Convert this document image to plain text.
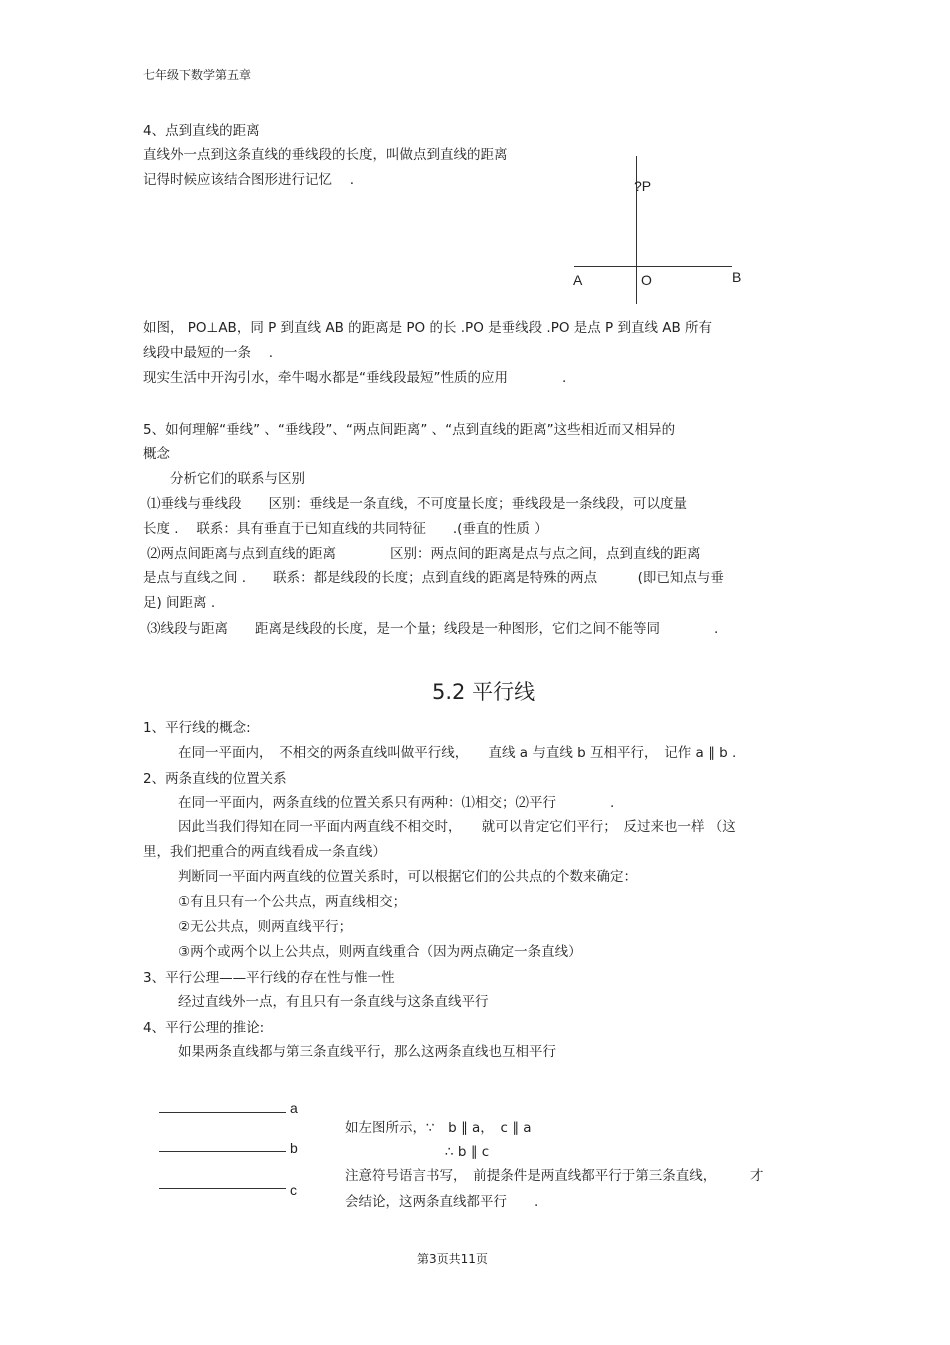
七年级下数学第五章
4、点到直线的距离
直线外一点到这条直线的垂线段的长度，叫做点到直线的距离
记得时候应该结合图形进行记忆　 .	?P
A	O	B
如图， PO⊥AB，同 P 到直线 AB 的距离是 PO 的长 .PO 是垂线段 .PO 是点 P 到直线 AB 所有
线段中最短的一条　 .
现实生活中开沟引水，牵牛喝水都是“垂线段最短”性质的应用　　　　.
5、如何理解“垂线” 、“垂线段”、“两点间距离” 、“点到直线的距离”这些相近而又相异的
概念
分析它们的联系与区别
⑴垂线与垂线段　　区别：垂线是一条直线，不可度量长度；垂线段是一条线段，可以度量
长度 .　 联系：具有垂直于已知直线的共同特征　　.(垂直的性质 ）
⑵两点间距离与点到直线的距离　　　　区别：两点间的距离是点与点之间，点到直线的距离
是点与直线之间 .　　联系：都是线段的长度；点到直线的距离是特殊的两点　　　(即已知点与垂
足) 间距离 .
⑶线段与距离　　距离是线段的长度，是一个量；线段是一种图形，它们之间不能等同　　　　.
5.2 平行线
1、平行线的概念:
在同一平面内，　不相交的两条直线叫做平行线，　　直线 a 与直线 b 互相平行，　记作 a ∥ b .
2、两条直线的位置关系
在同一平面内，两条直线的位置关系只有两种：⑴相交；⑵平行　　　　.
因此当我们得知在同一平面内两直线不相交时，　　就可以肯定它们平行；　反过来也一样 （这
里，我们把重合的两直线看成一条直线）
判断同一平面内两直线的位置关系时，可以根据它们的公共点的个数来确定：
①有且只有一个公共点，两直线相交；
②无公共点，则两直线平行；
③两个或两个以上公共点，则两直线重合（因为两点确定一条直线）
3、平行公理——平行线的存在性与惟一性
经过直线外一点，有且只有一条直线与这条直线平行
4、平行公理的推论:
如果两条直线都与第三条直线平行，那么这两条直线也互相平行
a
b
c
如左图所示，∵　b ∥ a，　c ∥ a
∴ b ∥ c
注意符号语言书写，　前提条件是两直线都平行于第三条直线，　　　才
会结论，这两条直线都平行　　.
第3页共11页
